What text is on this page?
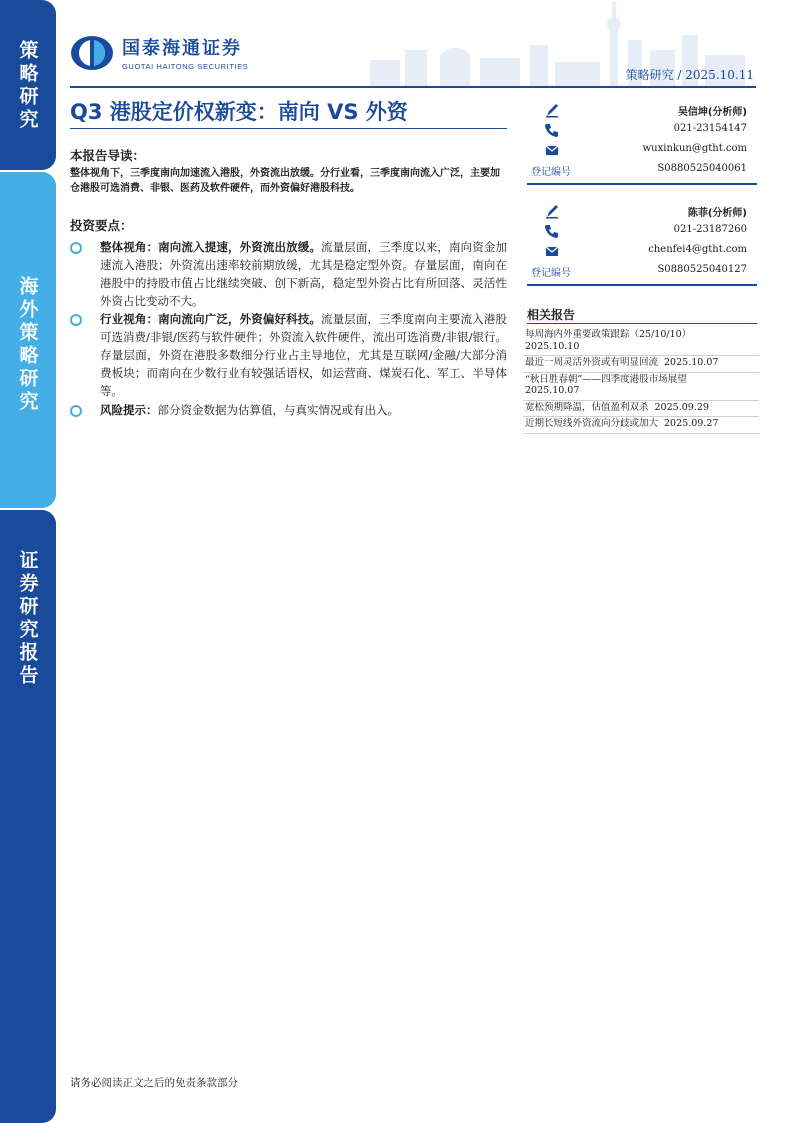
策略研究
海外策略研究
证券研究报告
国泰海通证券
GUOTAI HAITONG SECURITIES
策略研究 / 2025.10.11
Q3 港股定价权新变：南向 VS 外资
本报告导读：
整体视角下，三季度南向加速流入港股，外资流出放缓。分行业看，三季度南向流入广泛，主要加仓港股可选消费、非银、医药及软件硬件，而外资偏好港股科技。
投资要点：
整体视角：南向流入提速，外资流出放缓。流量层面，三季度以来，南向资金加速流入港股；外资流出速率较前期放缓，尤其是稳定型外资。存量层面，南向在港股中的持股市值占比继续突破、创下新高，稳定型外资占比有所回落、灵活性外资占比变动不大。
行业视角：南向流向广泛，外资偏好科技。流量层面，三季度南向主要流入港股可选消费/非银/医药与软件硬件；外资流入软件硬件，流出可选消费/非银/银行。存量层面，外资在港股多数细分行业占主导地位，尤其是互联网/金融/大部分消费板块；而南向在少数行业有较强话语权，如运营商、煤炭石化、军工、半导体等。
风险提示：部分资金数据为估算值，与真实情况或有出入。
吴信坤(分析师)
021-23154147
wuxinkun@gtht.com
登记编号	S0880525040061
陈菲(分析师)
021-23187260
chenfei4@gtht.com
登记编号	S0880525040127
相关报告
每周海内外重要政策跟踪（25/10/10）
2025.10.10
最近一周灵活外资或有明显回流 2025.10.07
“秋日胜春朝”——四季度港股市场展望
2025.10.07
宽松预期降温，估值盈利双杀 2025.09.29
近期长短线外资流向分歧或加大 2025.09.27
请务必阅读正文之后的免责条款部分
